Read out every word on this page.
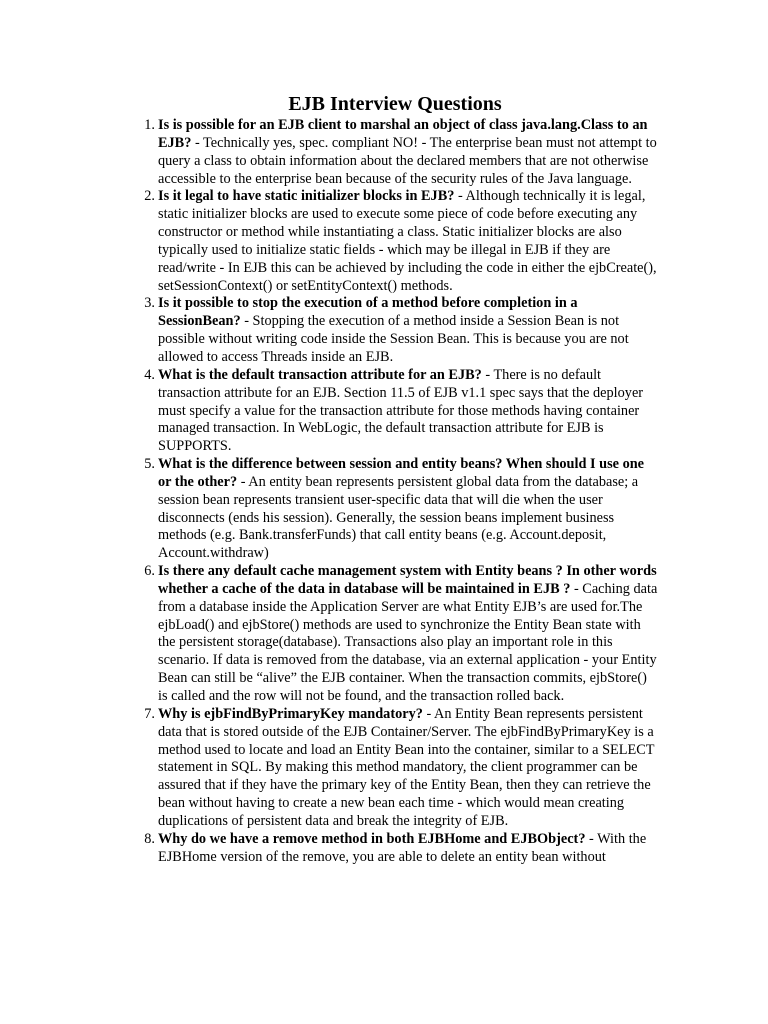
EJB Interview Questions
1. Is is possible for an EJB client to marshal an object of class java.lang.Class to an EJB? - Technically yes, spec. compliant NO! - The enterprise bean must not attempt to query a class to obtain information about the declared members that are not otherwise accessible to the enterprise bean because of the security rules of the Java language.
2. Is it legal to have static initializer blocks in EJB? - Although technically it is legal, static initializer blocks are used to execute some piece of code before executing any constructor or method while instantiating a class. Static initializer blocks are also typically used to initialize static fields - which may be illegal in EJB if they are read/write - In EJB this can be achieved by including the code in either the ejbCreate(), setSessionContext() or setEntityContext() methods.
3. Is it possible to stop the execution of a method before completion in a SessionBean? - Stopping the execution of a method inside a Session Bean is not possible without writing code inside the Session Bean. This is because you are not allowed to access Threads inside an EJB.
4. What is the default transaction attribute for an EJB? - There is no default transaction attribute for an EJB. Section 11.5 of EJB v1.1 spec says that the deployer must specify a value for the transaction attribute for those methods having container managed transaction. In WebLogic, the default transaction attribute for EJB is SUPPORTS.
5. What is the difference between session and entity beans? When should I use one or the other? - An entity bean represents persistent global data from the database; a session bean represents transient user-specific data that will die when the user disconnects (ends his session). Generally, the session beans implement business methods (e.g. Bank.transferFunds) that call entity beans (e.g. Account.deposit, Account.withdraw)
6. Is there any default cache management system with Entity beans ? In other words whether a cache of the data in database will be maintained in EJB ? - Caching data from a database inside the Application Server are what Entity EJB’s are used for.The ejbLoad() and ejbStore() methods are used to synchronize the Entity Bean state with the persistent storage(database). Transactions also play an important role in this scenario. If data is removed from the database, via an external application - your Entity Bean can still be “alive” the EJB container. When the transaction commits, ejbStore() is called and the row will not be found, and the transaction rolled back.
7. Why is ejbFindByPrimaryKey mandatory? - An Entity Bean represents persistent data that is stored outside of the EJB Container/Server. The ejbFindByPrimaryKey is a method used to locate and load an Entity Bean into the container, similar to a SELECT statement in SQL. By making this method mandatory, the client programmer can be assured that if they have the primary key of the Entity Bean, then they can retrieve the bean without having to create a new bean each time - which would mean creating duplications of persistent data and break the integrity of EJB.
8. Why do we have a remove method in both EJBHome and EJBObject? - With the EJBHome version of the remove, you are able to delete an entity bean without
